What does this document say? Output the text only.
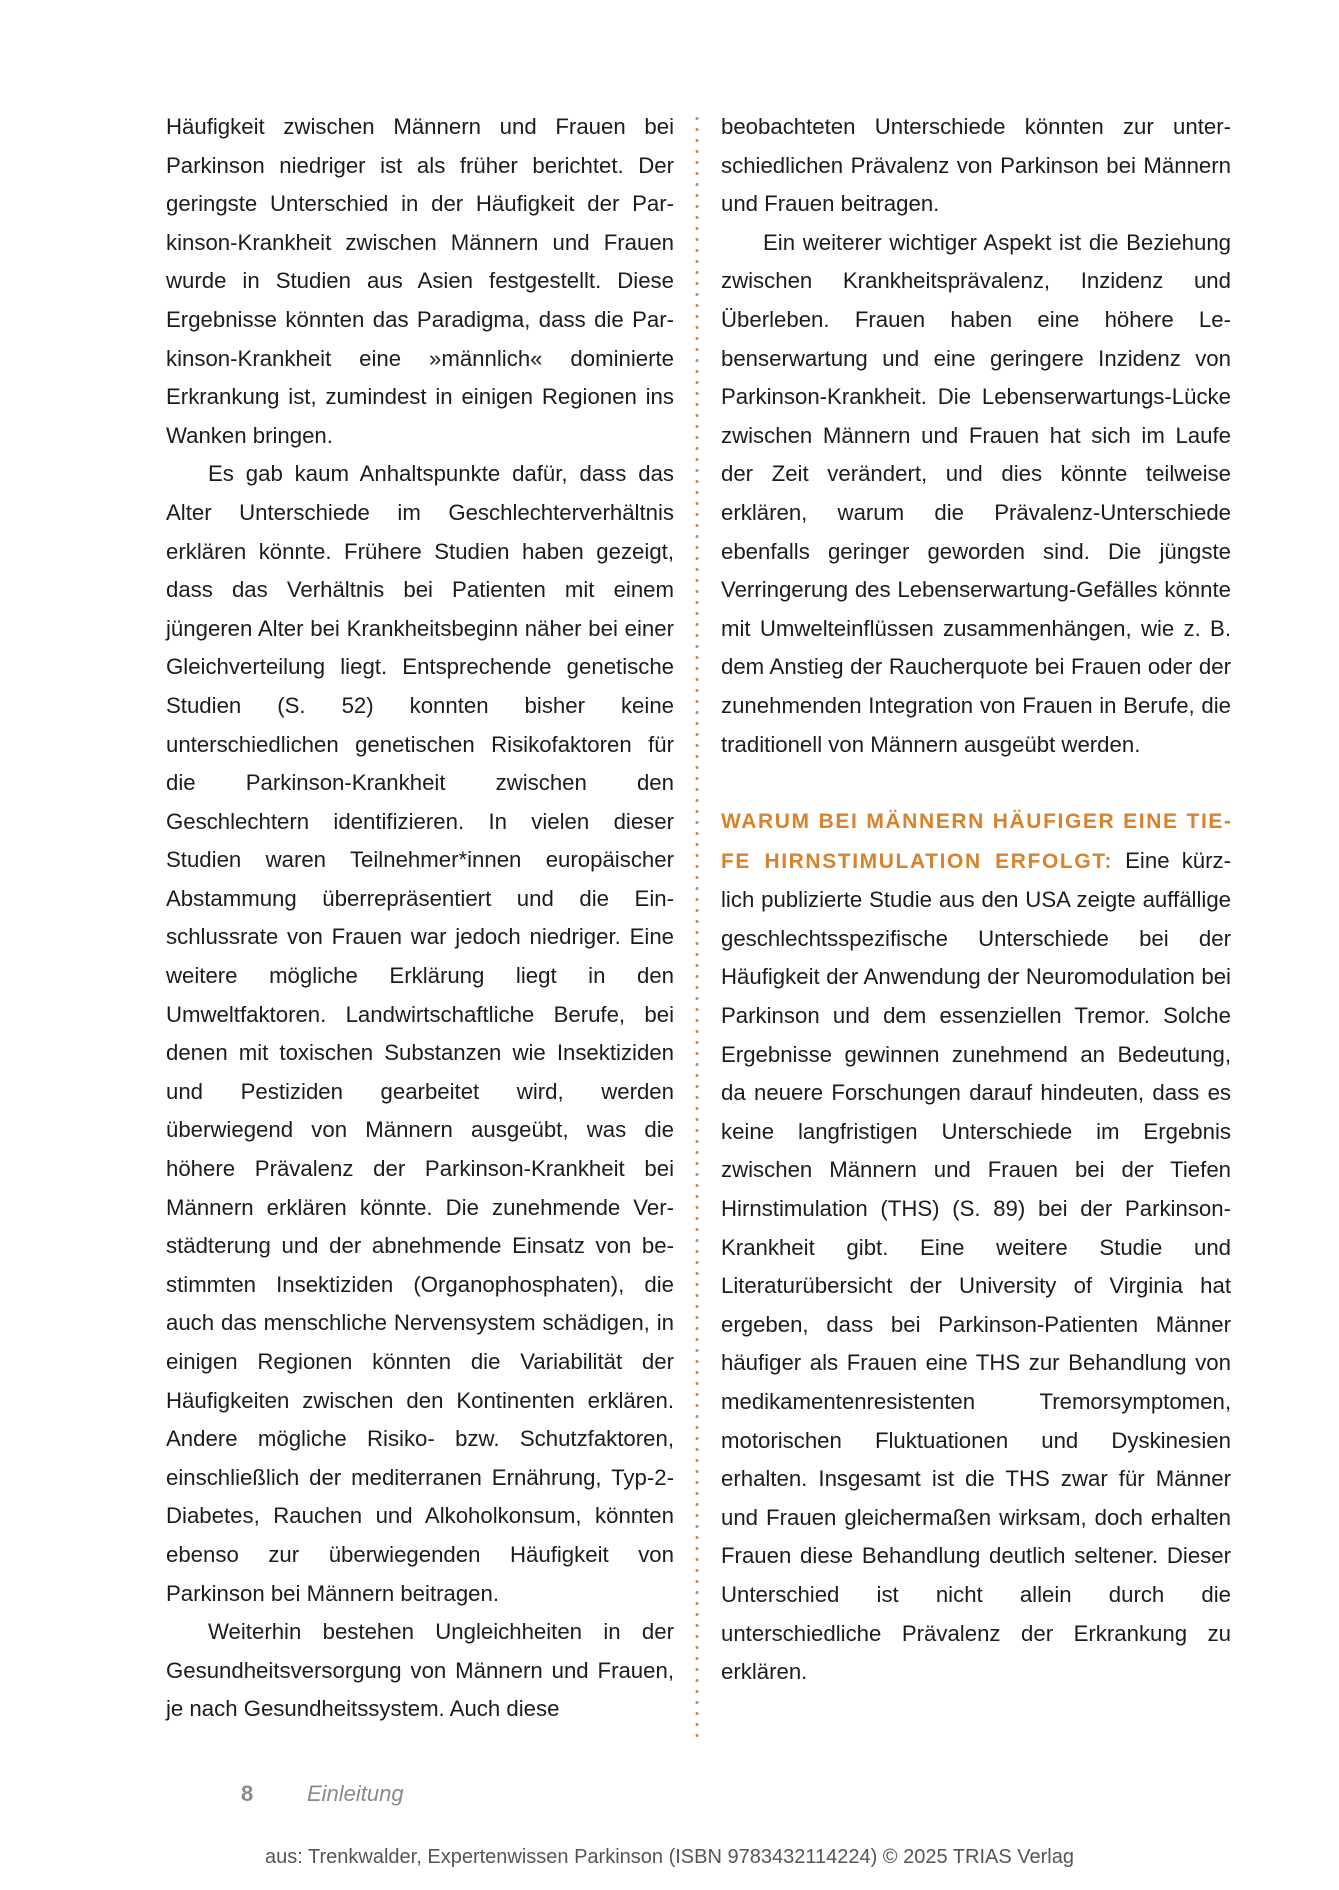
Häufigkeit zwischen Männern und Frauen bei Parkinson niedriger ist als früher berichtet. Der geringste Unterschied in der Häufigkeit der Parkinson-Krankheit zwischen Männern und Frauen wurde in Studien aus Asien festgestellt. Diese Ergebnisse könnten das Paradigma, dass die Parkinson-Krankheit eine »männlich« dominierte Erkrankung ist, zumindest in einigen Regionen ins Wanken bringen.

Es gab kaum Anhaltspunkte dafür, dass das Alter Unterschiede im Geschlechterverhältnis erklären könnte. Frühere Studien haben gezeigt, dass das Verhältnis bei Patienten mit einem jüngeren Alter bei Krankheitsbeginn näher bei einer Gleichverteilung liegt. Entsprechende genetische Studien (S. 52) konnten bisher keine unterschiedlichen genetischen Risikofaktoren für die Parkinson-Krankheit zwischen den Geschlechtern identifizieren. In vielen dieser Studien waren Teilnehmer*innen europäischer Abstammung überrepräsentiert und die Einschlussrate von Frauen war jedoch niedriger. Eine weitere mögliche Erklärung liegt in den Umweltfaktoren. Landwirtschaftliche Berufe, bei denen mit toxischen Substanzen wie Insektiziden und Pestiziden gearbeitet wird, werden überwiegend von Männern ausgeübt, was die höhere Prävalenz der Parkinson-Krankheit bei Männern erklären könnte. Die zunehmende Verstädterung und der abnehmende Einsatz von bestimmten Insektiziden (Organophosphaten), die auch das menschliche Nervensystem schädigen, in einigen Regionen könnten die Variabilität der Häufigkeiten zwischen den Kontinenten erklären. Andere mögliche Risiko- bzw. Schutzfaktoren, einschließlich der mediterranen Ernährung, Typ-2-Diabetes, Rauchen und Alkoholkonsum, könnten ebenso zur überwiegenden Häufigkeit von Parkinson bei Männern beitragen.

Weiterhin bestehen Ungleichheiten in der Gesundheitsversorgung von Männern und Frauen, je nach Gesundheitssystem. Auch diese

beobachteten Unterschiede könnten zur unterschiedlichen Prävalenz von Parkinson bei Männern und Frauen beitragen.

Ein weiterer wichtiger Aspekt ist die Beziehung zwischen Krankheitsprävalenz, Inzidenz und Überleben. Frauen haben eine höhere Lebenserwartung und eine geringere Inzidenz von Parkinson-Krankheit. Die Lebenserwartungs-Lücke zwischen Männern und Frauen hat sich im Laufe der Zeit verändert, und dies könnte teilweise erklären, warum die Prävalenz-Unterschiede ebenfalls geringer geworden sind. Die jüngste Verringerung des Lebenserwartung-Gefälles könnte mit Umwelteinflüssen zusammenhängen, wie z. B. dem Anstieg der Raucherquote bei Frauen oder der zunehmenden Integration von Frauen in Berufe, die traditionell von Männern ausgeübt werden.

WARUM BEI MÄNNERN HÄUFIGER EINE TIEFE HIRNSTIMULATION ERFOLGT: Eine kürzlich publizierte Studie aus den USA zeigte auffällige geschlechtsspezifische Unterschiede bei der Häufigkeit der Anwendung der Neuromodulation bei Parkinson und dem essenziellen Tremor. Solche Ergebnisse gewinnen zunehmend an Bedeutung, da neuere Forschungen darauf hindeuten, dass es keine langfristigen Unterschiede im Ergebnis zwischen Männern und Frauen bei der Tiefen Hirnstimulation (THS) (S. 89) bei der Parkinson-Krankheit gibt. Eine weitere Studie und Literaturübersicht der University of Virginia hat ergeben, dass bei Parkinson-Patienten Männer häufiger als Frauen eine THS zur Behandlung von medikamentenresistenten Tremorsymptomen, motorischen Fluktuationen und Dyskinesien erhalten. Insgesamt ist die THS zwar für Männer und Frauen gleichermaßen wirksam, doch erhalten Frauen diese Behandlung deutlich seltener. Dieser Unterschied ist nicht allein durch die unterschiedliche Prävalenz der Erkrankung zu erklären.

8 Einleitung
aus: Trenkwalder, Expertenwissen Parkinson (ISBN 9783432114224) © 2025 TRIAS Verlag
